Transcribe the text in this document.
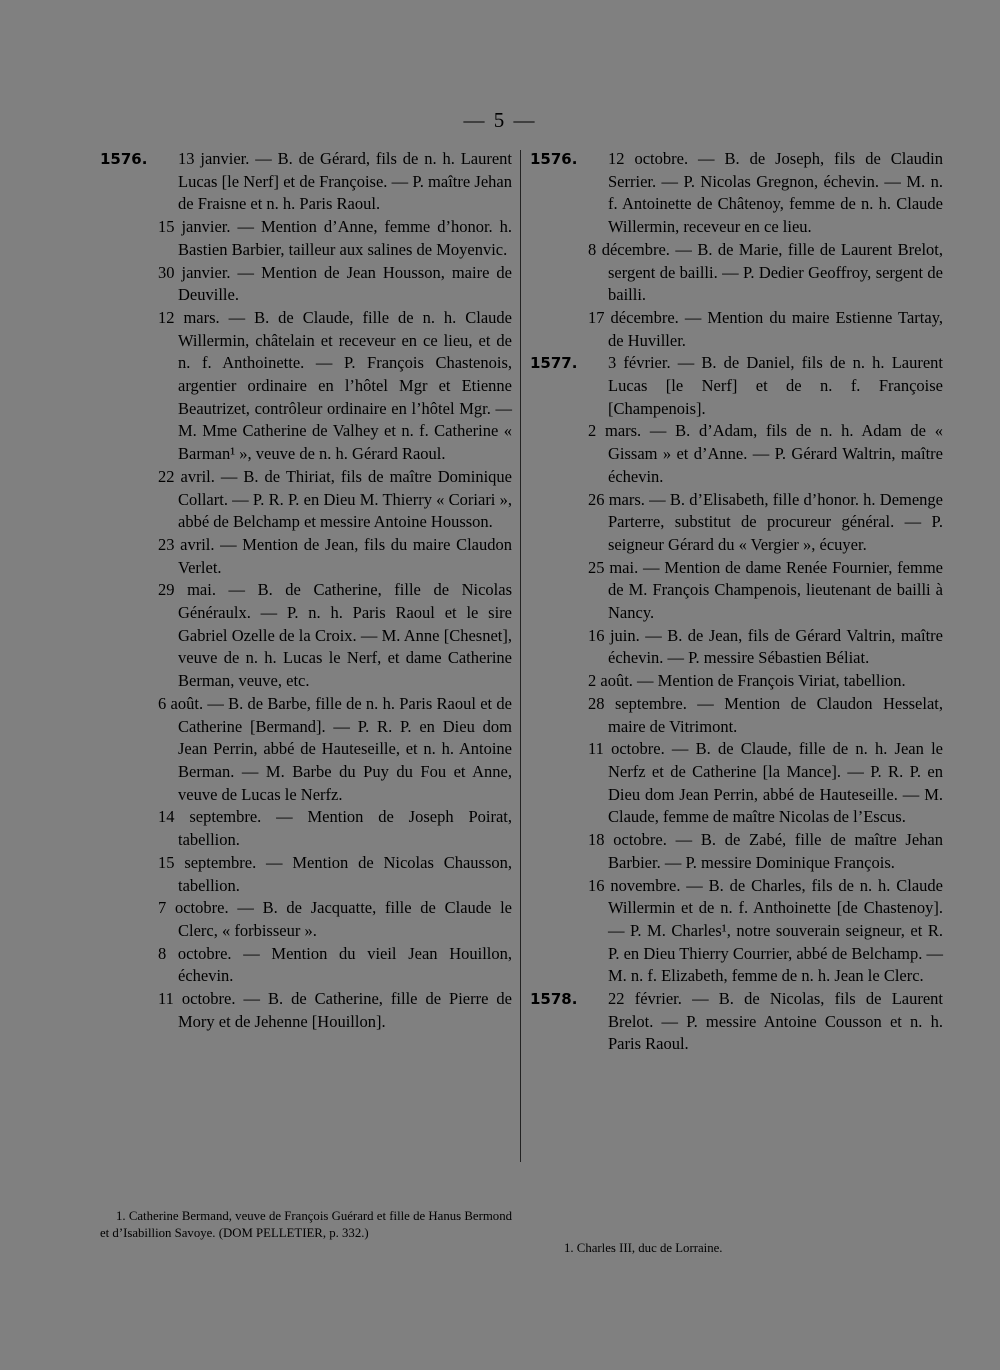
— 5 —
1576.	13 janvier. — B. de Gérard, fils de n. h. Laurent Lucas [le Nerf] et de Françoise. — P. maître Jehan de Fraisne et n. h. Paris Raoul.
15 janvier. — Mention d’Anne, femme d’honor. h. Bastien Barbier, tailleur aux salines de Moyenvic.
30 janvier. — Mention de Jean Housson, maire de Deuville.
12 mars. — B. de Claude, fille de n. h. Claude Willermin, châtelain et receveur en ce lieu, et de n. f. Anthoinette. — P. François Chastenois, argentier ordinaire en l’hôtel Mgr et Etienne Beautrizet, contrôleur ordinaire en l’hôtel Mgr. — M. Mme Catherine de Valhey et n. f. Catherine « Barman¹ », veuve de n. h. Gérard Raoul.
22 avril. — B. de Thiriat, fils de maître Dominique Collart. — P. R. P. en Dieu M. Thierry « Coriari », abbé de Belchamp et messire Antoine Housson.
23 avril. — Mention de Jean, fils du maire Claudon Verlet.
29 mai. — B. de Catherine, fille de Nicolas Généraulx. — P. n. h. Paris Raoul et le sire Gabriel Ozelle de la Croix. — M. Anne [Chesnet], veuve de n. h. Lucas le Nerf, et dame Catherine Berman, veuve, etc.
6 août. — B. de Barbe, fille de n. h. Paris Raoul et de Catherine [Bermand]. — P. R. P. en Dieu dom Jean Perrin, abbé de Hauteseille, et n. h. Antoine Berman. — M. Barbe du Puy du Fou et Anne, veuve de Lucas le Nerfz.
14 septembre. — Mention de Joseph Poirat, tabellion.
15 septembre. — Mention de Nicolas Chausson, tabellion.
7 octobre. — B. de Jacquatte, fille de Claude le Clerc, « forbisseur ».
8 octobre. — Mention du vieil Jean Houillon, échevin.
11 octobre. — B. de Catherine, fille de Pierre de Mory et de Jehenne [Houillon].
1576.	12 octobre. — B. de Joseph, fils de Claudin Serrier. — P. Nicolas Gregnon, échevin. — M. n. f. Antoinette de Châtenoy, femme de n. h. Claude Willermin, receveur en ce lieu.
8 décembre. — B. de Marie, fille de Laurent Brelot, sergent de bailli. — P. Dedier Geoffroy, sergent de bailli.
17 décembre. — Mention du maire Estienne Tartay, de Huviller.
1577.	3 février. — B. de Daniel, fils de n. h. Laurent Lucas [le Nerf] et de n. f. Françoise [Champenois].
2 mars. — B. d’Adam, fils de n. h. Adam de « Gissam » et d’Anne. — P. Gérard Waltrin, maître échevin.
26 mars. — B. d’Elisabeth, fille d’honor. h. Demenge Parterre, substitut de procureur général. — P. seigneur Gérard du « Vergier », écuyer.
25 mai. — Mention de dame Renée Fournier, femme de M. François Champenois, lieutenant de bailli à Nancy.
16 juin. — B. de Jean, fils de Gérard Valtrin, maître échevin. — P. messire Sébastien Béliat.
2 août. — Mention de François Viriat, tabellion.
28 septembre. — Mention de Claudon Hesselat, maire de Vitrimont.
11 octobre. — B. de Claude, fille de n. h. Jean le Nerfz et de Catherine [la Mance]. — P. R. P. en Dieu dom Jean Perrin, abbé de Hauteseille. — M. Claude, femme de maître Nicolas de l’Escus.
18 octobre. — B. de Zabé, fille de maître Jehan Barbier. — P. messire Dominique François.
16 novembre. — B. de Charles, fils de n. h. Claude Willermin et de n. f. Anthoinette [de Chastenoy]. — P. M. Charles¹, notre souverain seigneur, et R. P. en Dieu Thierry Courrier, abbé de Belchamp. — M. n. f. Elizabeth, femme de n. h. Jean le Clerc.
1578.	22 février. — B. de Nicolas, fils de Laurent Brelot. — P. messire Antoine Cousson et n. h. Paris Raoul.
1. Catherine Bermand, veuve de François Guérard et fille de Hanus Bermond et d’Isabillion Savoye. (DOM PELLETIER, p. 332.)
1. Charles III, duc de Lorraine.
